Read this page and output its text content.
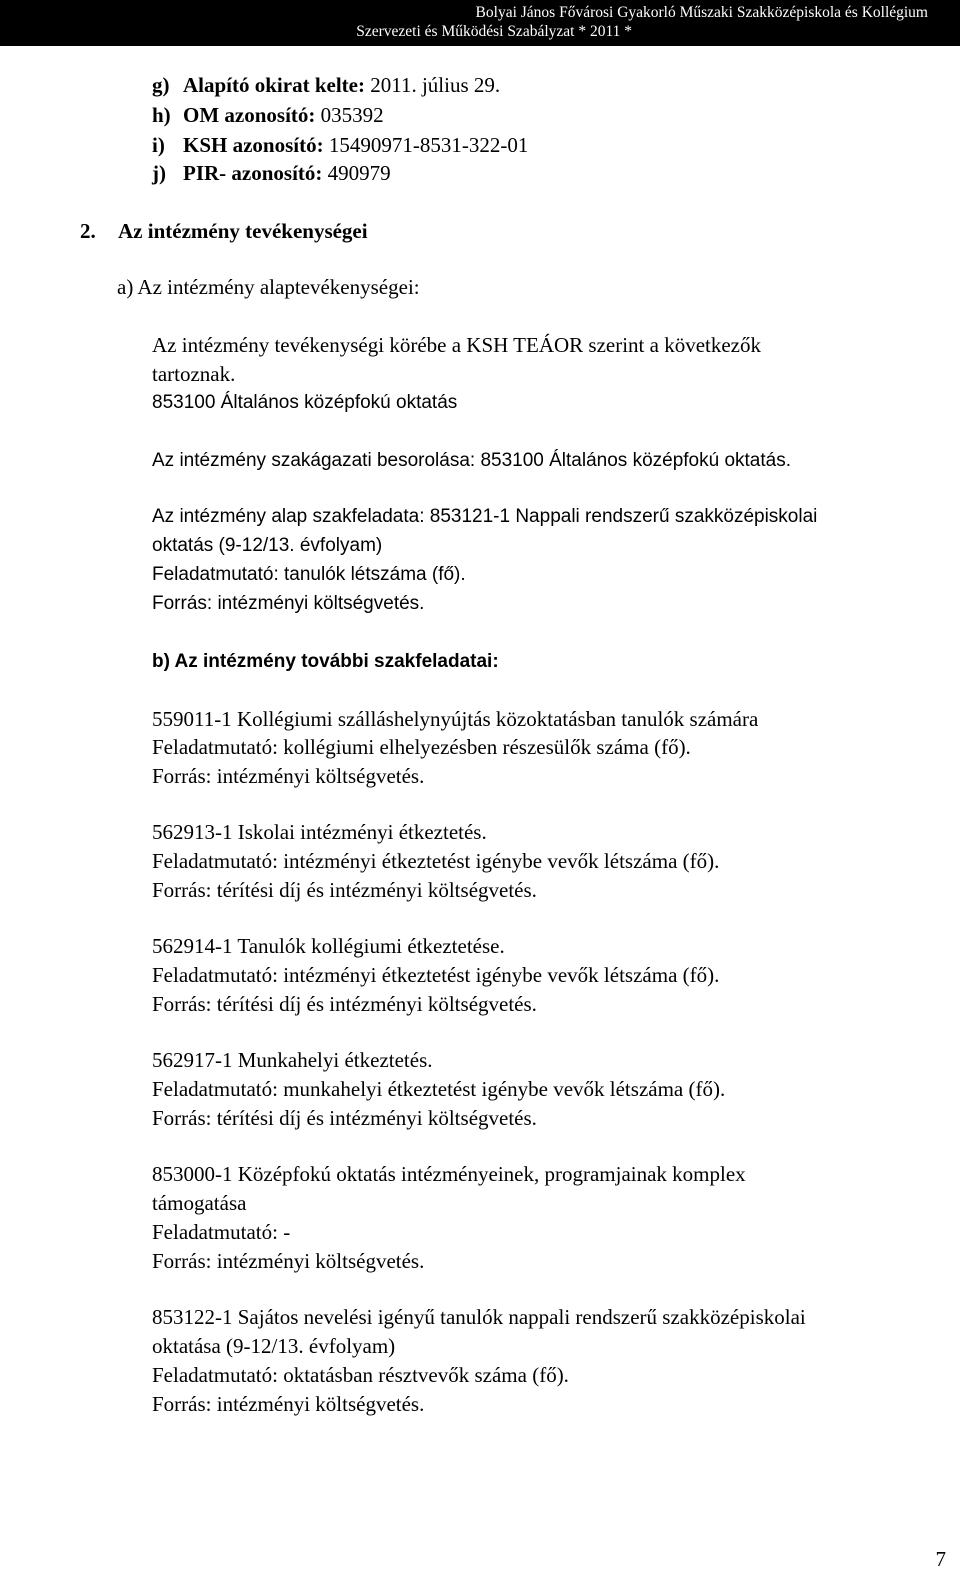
Bolyai János Fővárosi Gyakorló Műszaki Szakközépiskola és Kollégium
Szervezeti és Működési Szabályzat * 2011 *
g) Alapító okirat kelte: 2011. július 29.
h) OM azonosító: 035392
i) KSH azonosító: 15490971-8531-322-01
j) PIR- azonosító: 490979
2. Az intézmény tevékenységei
a) Az intézmény alaptevékenységei:
Az intézmény tevékenységi körébe a KSH TEÁOR szerint a következők
tartoznak.
853100 Általános középfokú oktatás
Az intézmény szakágazati besorolása: 853100 Általános középfokú oktatás.
Az intézmény alap szakfeladata: 853121-1 Nappali rendszerű szakközépiskolai
oktatás (9-12/13. évfolyam)
Feladatmutató: tanulók létszáma (fő).
Forrás: intézményi költségvetés.
b) Az intézmény további szakfeladatai:
559011-1 Kollégiumi szálláshelynyújtás közoktatásban tanulók számára
Feladatmutató: kollégiumi elhelyezésben részesülők száma (fő).
Forrás: intézményi költségvetés.
562913-1 Iskolai intézményi étkeztetés.
Feladatmutató: intézményi étkeztetést igénybe vevők létszáma (fő).
Forrás: térítési díj és intézményi költségvetés.
562914-1 Tanulók kollégiumi étkeztetése.
Feladatmutató: intézményi étkeztetést igénybe vevők létszáma (fő).
Forrás: térítési díj és intézményi költségvetés.
562917-1 Munkahelyi étkeztetés.
Feladatmutató: munkahelyi étkeztetést igénybe vevők létszáma (fő).
Forrás: térítési díj és intézményi költségvetés.
853000-1 Középfokú oktatás intézményeinek, programjainak komplex
támogatása
Feladatmutató: -
Forrás: intézményi költségvetés.
853122-1 Sajátos nevelési igényű tanulók nappali rendszerű szakközépiskolai
oktatása (9-12/13. évfolyam)
Feladatmutató: oktatásban résztvevők száma (fő).
Forrás: intézményi költségvetés.
7
